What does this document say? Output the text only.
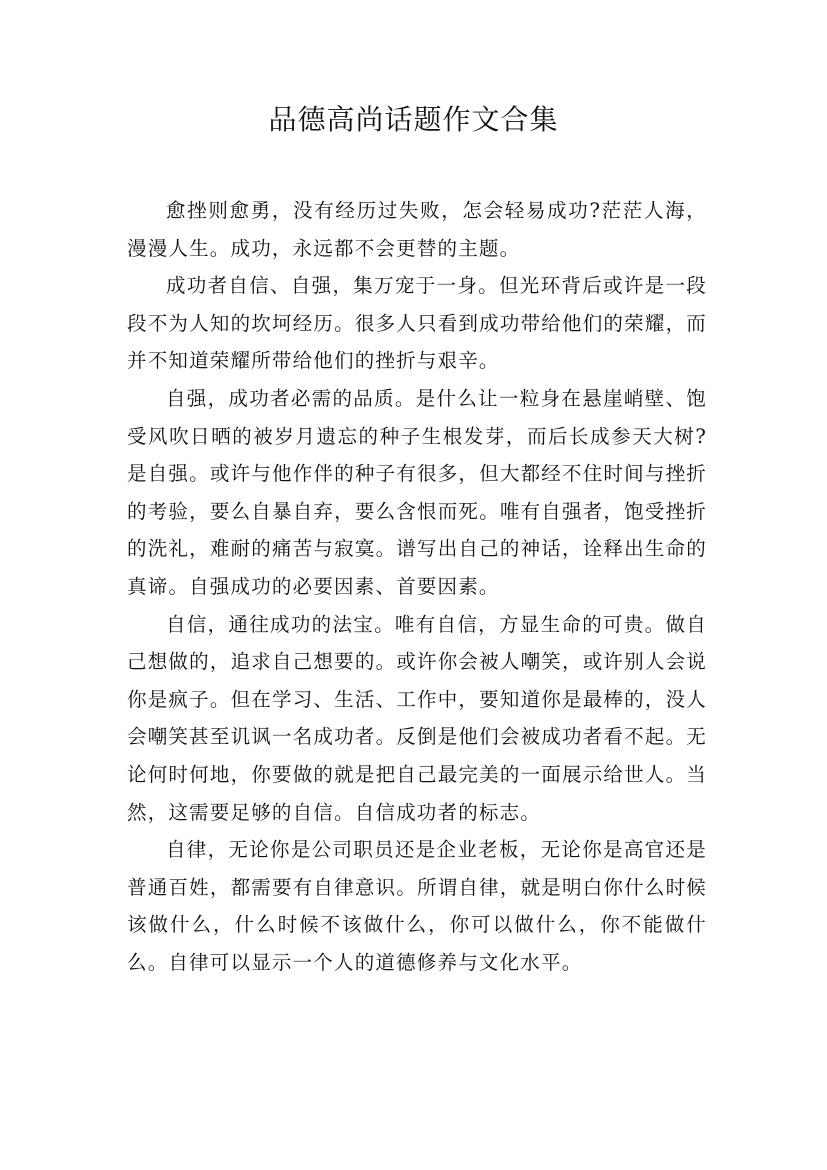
品德高尚话题作文合集

愈挫则愈勇，没有经历过失败，怎会轻易成功?茫茫人海，漫漫人生。成功，永远都不会更替的主题。

成功者自信、自强，集万宠于一身。但光环背后或许是一段段不为人知的坎坷经历。很多人只看到成功带给他们的荣耀，而并不知道荣耀所带给他们的挫折与艰辛。

自强，成功者必需的品质。是什么让一粒身在悬崖峭壁、饱受风吹日晒的被岁月遗忘的种子生根发芽，而后长成参天大树?是自强。或许与他作伴的种子有很多，但大都经不住时间与挫折的考验，要么自暴自弃，要么含恨而死。唯有自强者，饱受挫折的洗礼，难耐的痛苦与寂寞。谱写出自己的神话，诠释出生命的真谛。自强成功的必要因素、首要因素。

自信，通往成功的法宝。唯有自信，方显生命的可贵。做自己想做的，追求自己想要的。或许你会被人嘲笑，或许别人会说你是疯子。但在学习、生活、工作中，要知道你是最棒的，没人会嘲笑甚至讥讽一名成功者。反倒是他们会被成功者看不起。无论何时何地，你要做的就是把自己最完美的一面展示给世人。当然，这需要足够的自信。自信成功者的标志。

自律，无论你是公司职员还是企业老板，无论你是高官还是普通百姓，都需要有自律意识。所谓自律，就是明白你什么时候该做什么，什么时候不该做什么，你可以做什么，你不能做什么。自律可以显示一个人的道德修养与文化水平。
